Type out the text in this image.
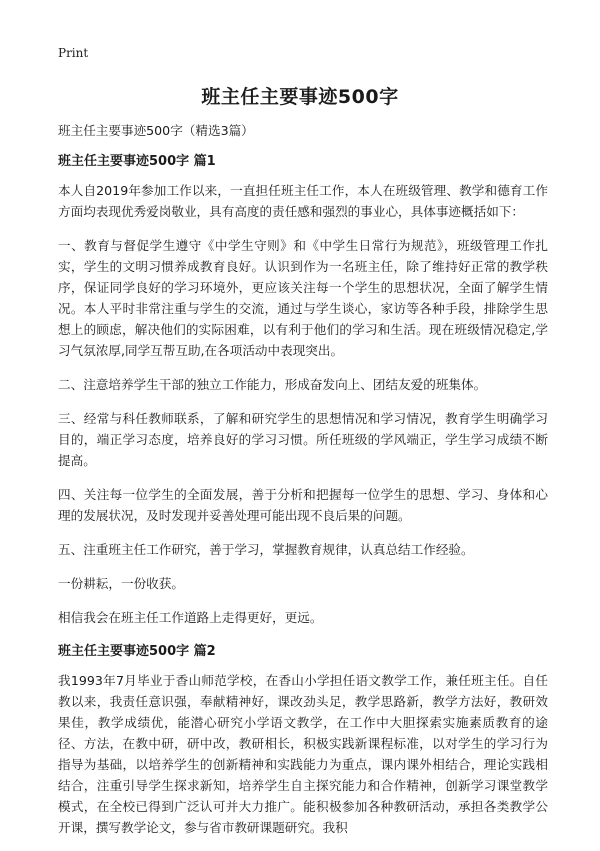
Print
班主任主要事迹500字

班主任主要事迹500字（精选3篇）

班主任主要事迹500字 篇1

本人自2019年参加工作以来，一直担任班主任工作，本人在班级管理、教学和德育工作方面均表现优秀爱岗敬业，具有高度的责任感和强烈的事业心，具体事迹概括如下：

一、教育与督促学生遵守《中学生守则》和《中学生日常行为规范》，班级管理工作扎实，学生的文明习惯养成教育良好。认识到作为一名班主任，除了维持好正常的教学秩序，保证同学良好的学习环境外，更应该关注每一个学生的思想状况，全面了解学生情况。本人平时非常注重与学生的交流，通过与学生谈心，家访等各种手段，排除学生思想上的顾虑，解决他们的实际困难，以有利于他们的学习和生活。现在班级情况稳定,学习气氛浓厚,同学互帮互助,在各项活动中表现突出。

二、注意培养学生干部的独立工作能力，形成奋发向上、团结友爱的班集体。

三、经常与科任教师联系，了解和研究学生的思想情况和学习情况，教育学生明确学习目的，端正学习态度，培养良好的学习习惯。所任班级的学风端正，学生学习成绩不断提高。

四、关注每一位学生的全面发展，善于分析和把握每一位学生的思想、学习、身体和心理的发展状况，及时发现并妥善处理可能出现不良后果的问题。

五、注重班主任工作研究，善于学习，掌握教育规律，认真总结工作经验。

一份耕耘，一份收获。

相信我会在班主任工作道路上走得更好，更远。

班主任主要事迹500字 篇2

我1993年7月毕业于香山师范学校，在香山小学担任语文教学工作，兼任班主任。自任教以来，我责任意识强，奉献精神好，课改劲头足，教学思路新，教学方法好，教研效果佳，教学成绩优，能潜心研究小学语文教学，在工作中大胆探索实施素质教育的途径、方法，在教中研，研中改，教研相长，积极实践新课程标准，以对学生的学习行为指导为基础，以培养学生的创新精神和实践能力为重点，课内课外相结合，理论实践相结合，注重引导学生探求新知，培养学生自主探究能力和合作精神，创新学习课堂教学模式，在全校已得到广泛认可并大力推广。能积极参加各种教研活动，承担各类教学公开课，撰写教学论文，参与省市教研课题研究。我积
